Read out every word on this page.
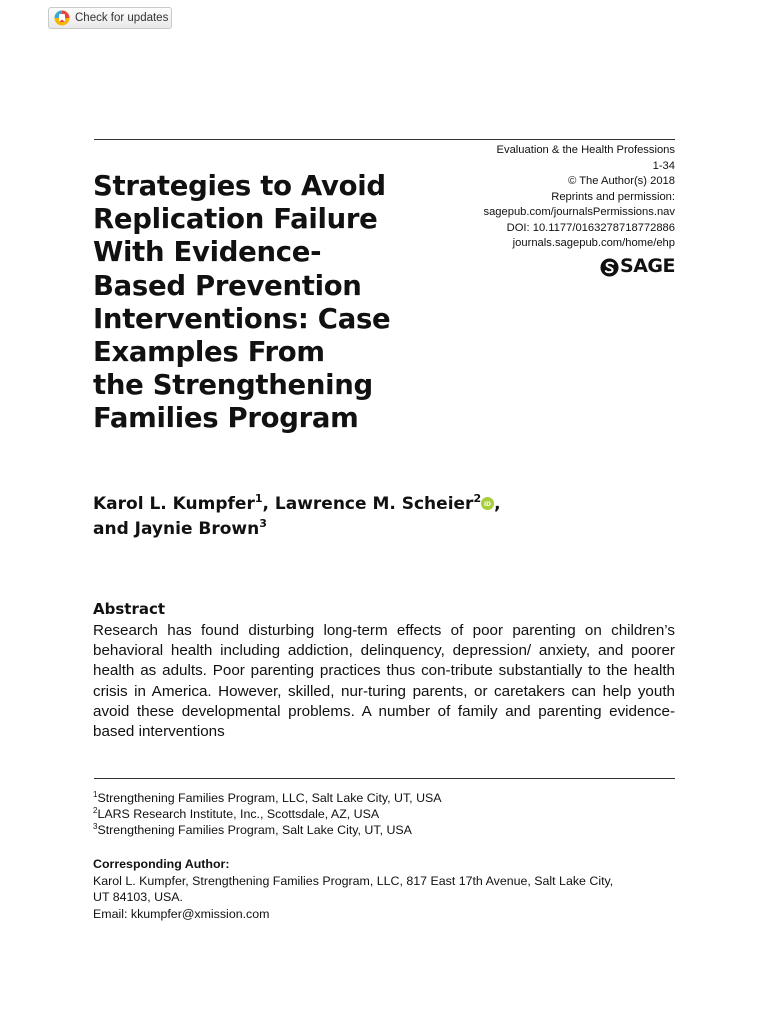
Check for updates
Strategies to Avoid
Replication Failure
With Evidence-
Based Prevention
Interventions: Case
Examples From
the Strengthening
Families Program
Evaluation & the Health Professions
1-34
© The Author(s) 2018
Reprints and permission:
sagepub.com/journalsPermissions.nav
DOI: 10.1177/0163278718772886
journals.sagepub.com/home/ehp
SAGE
Karol L. Kumpfer$^1$, Lawrence M. Scheier$^2$ iD ,
and Jaynie Brown$^3$
Abstract

Research has found disturbing long-term effects of poor parenting on children’s behavioral health including addiction, delinquency, depression/ anxiety, and poorer health as adults. Poor parenting practices thus con-tribute substantially to the health crisis in America. However, skilled, nur-turing parents, or caretakers can help youth avoid these developmental problems. A number of family and parenting evidence-based interventions

$^1$Strengthening Families Program, LLC, Salt Lake City, UT, USA
$^2$LARS Research Institute, Inc., Scottsdale, AZ, USA
$^3$Strengthening Families Program, Salt Lake City, UT, USA
Corresponding Author:
Karol L. Kumpfer, Strengthening Families Program, LLC, 817 East 17th Avenue, Salt Lake City,
UT 84103, USA.
Email: kkumpfer@xmission.com
